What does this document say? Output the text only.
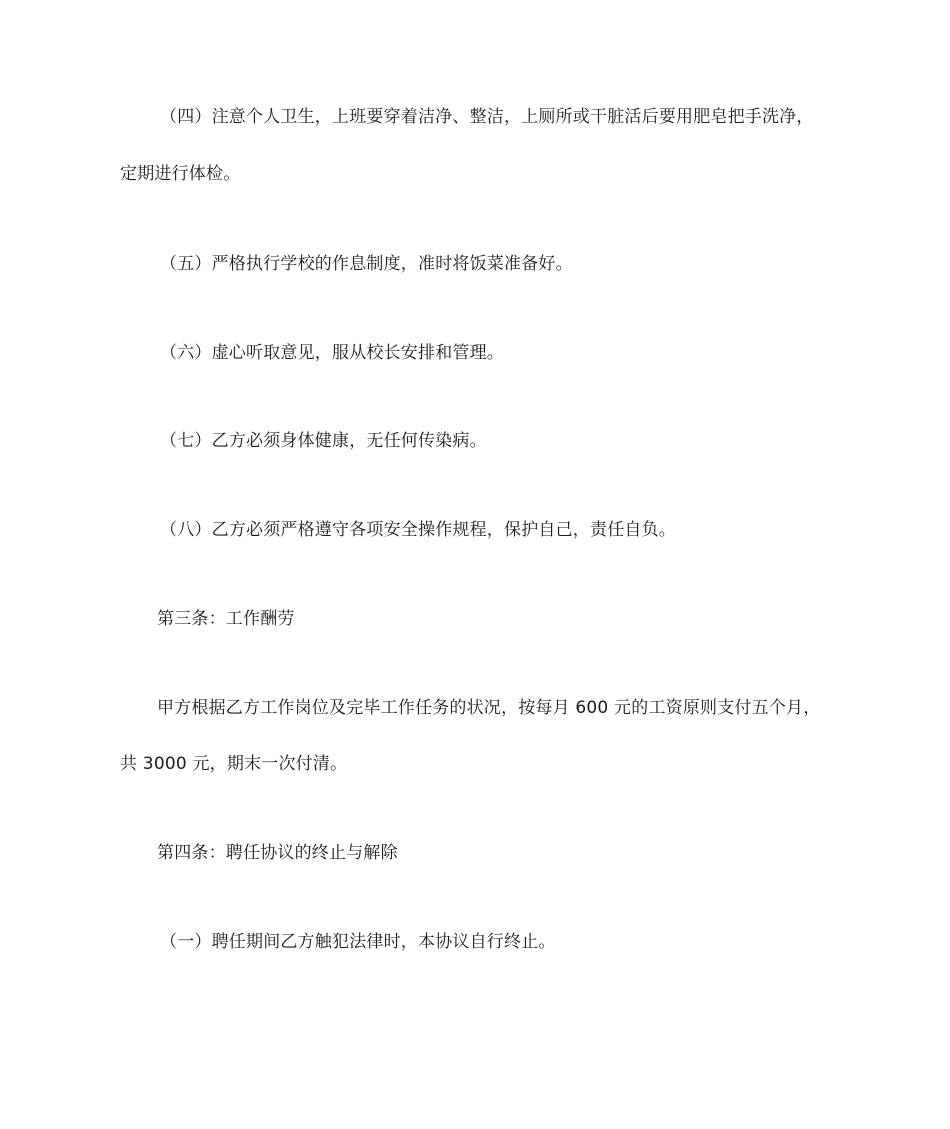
（四）注意个人卫生，上班要穿着洁净、整洁，上厕所或干脏活后要用肥皂把手洗净，
定期进行体检。
（五）严格执行学校的作息制度，准时将饭菜准备好。
（六）虚心听取意见，服从校长安排和管理。
（七）乙方必须身体健康，无任何传染病。
（八）乙方必须严格遵守各项安全操作规程，保护自己，责任自负。
第三条：工作酬劳
甲方根据乙方工作岗位及完毕工作任务的状况，按每月 600 元的工资原则支付五个月，
共 3000 元，期末一次付清。
第四条：聘任协议的终止与解除
（一）聘任期间乙方触犯法律时，本协议自行终止。
